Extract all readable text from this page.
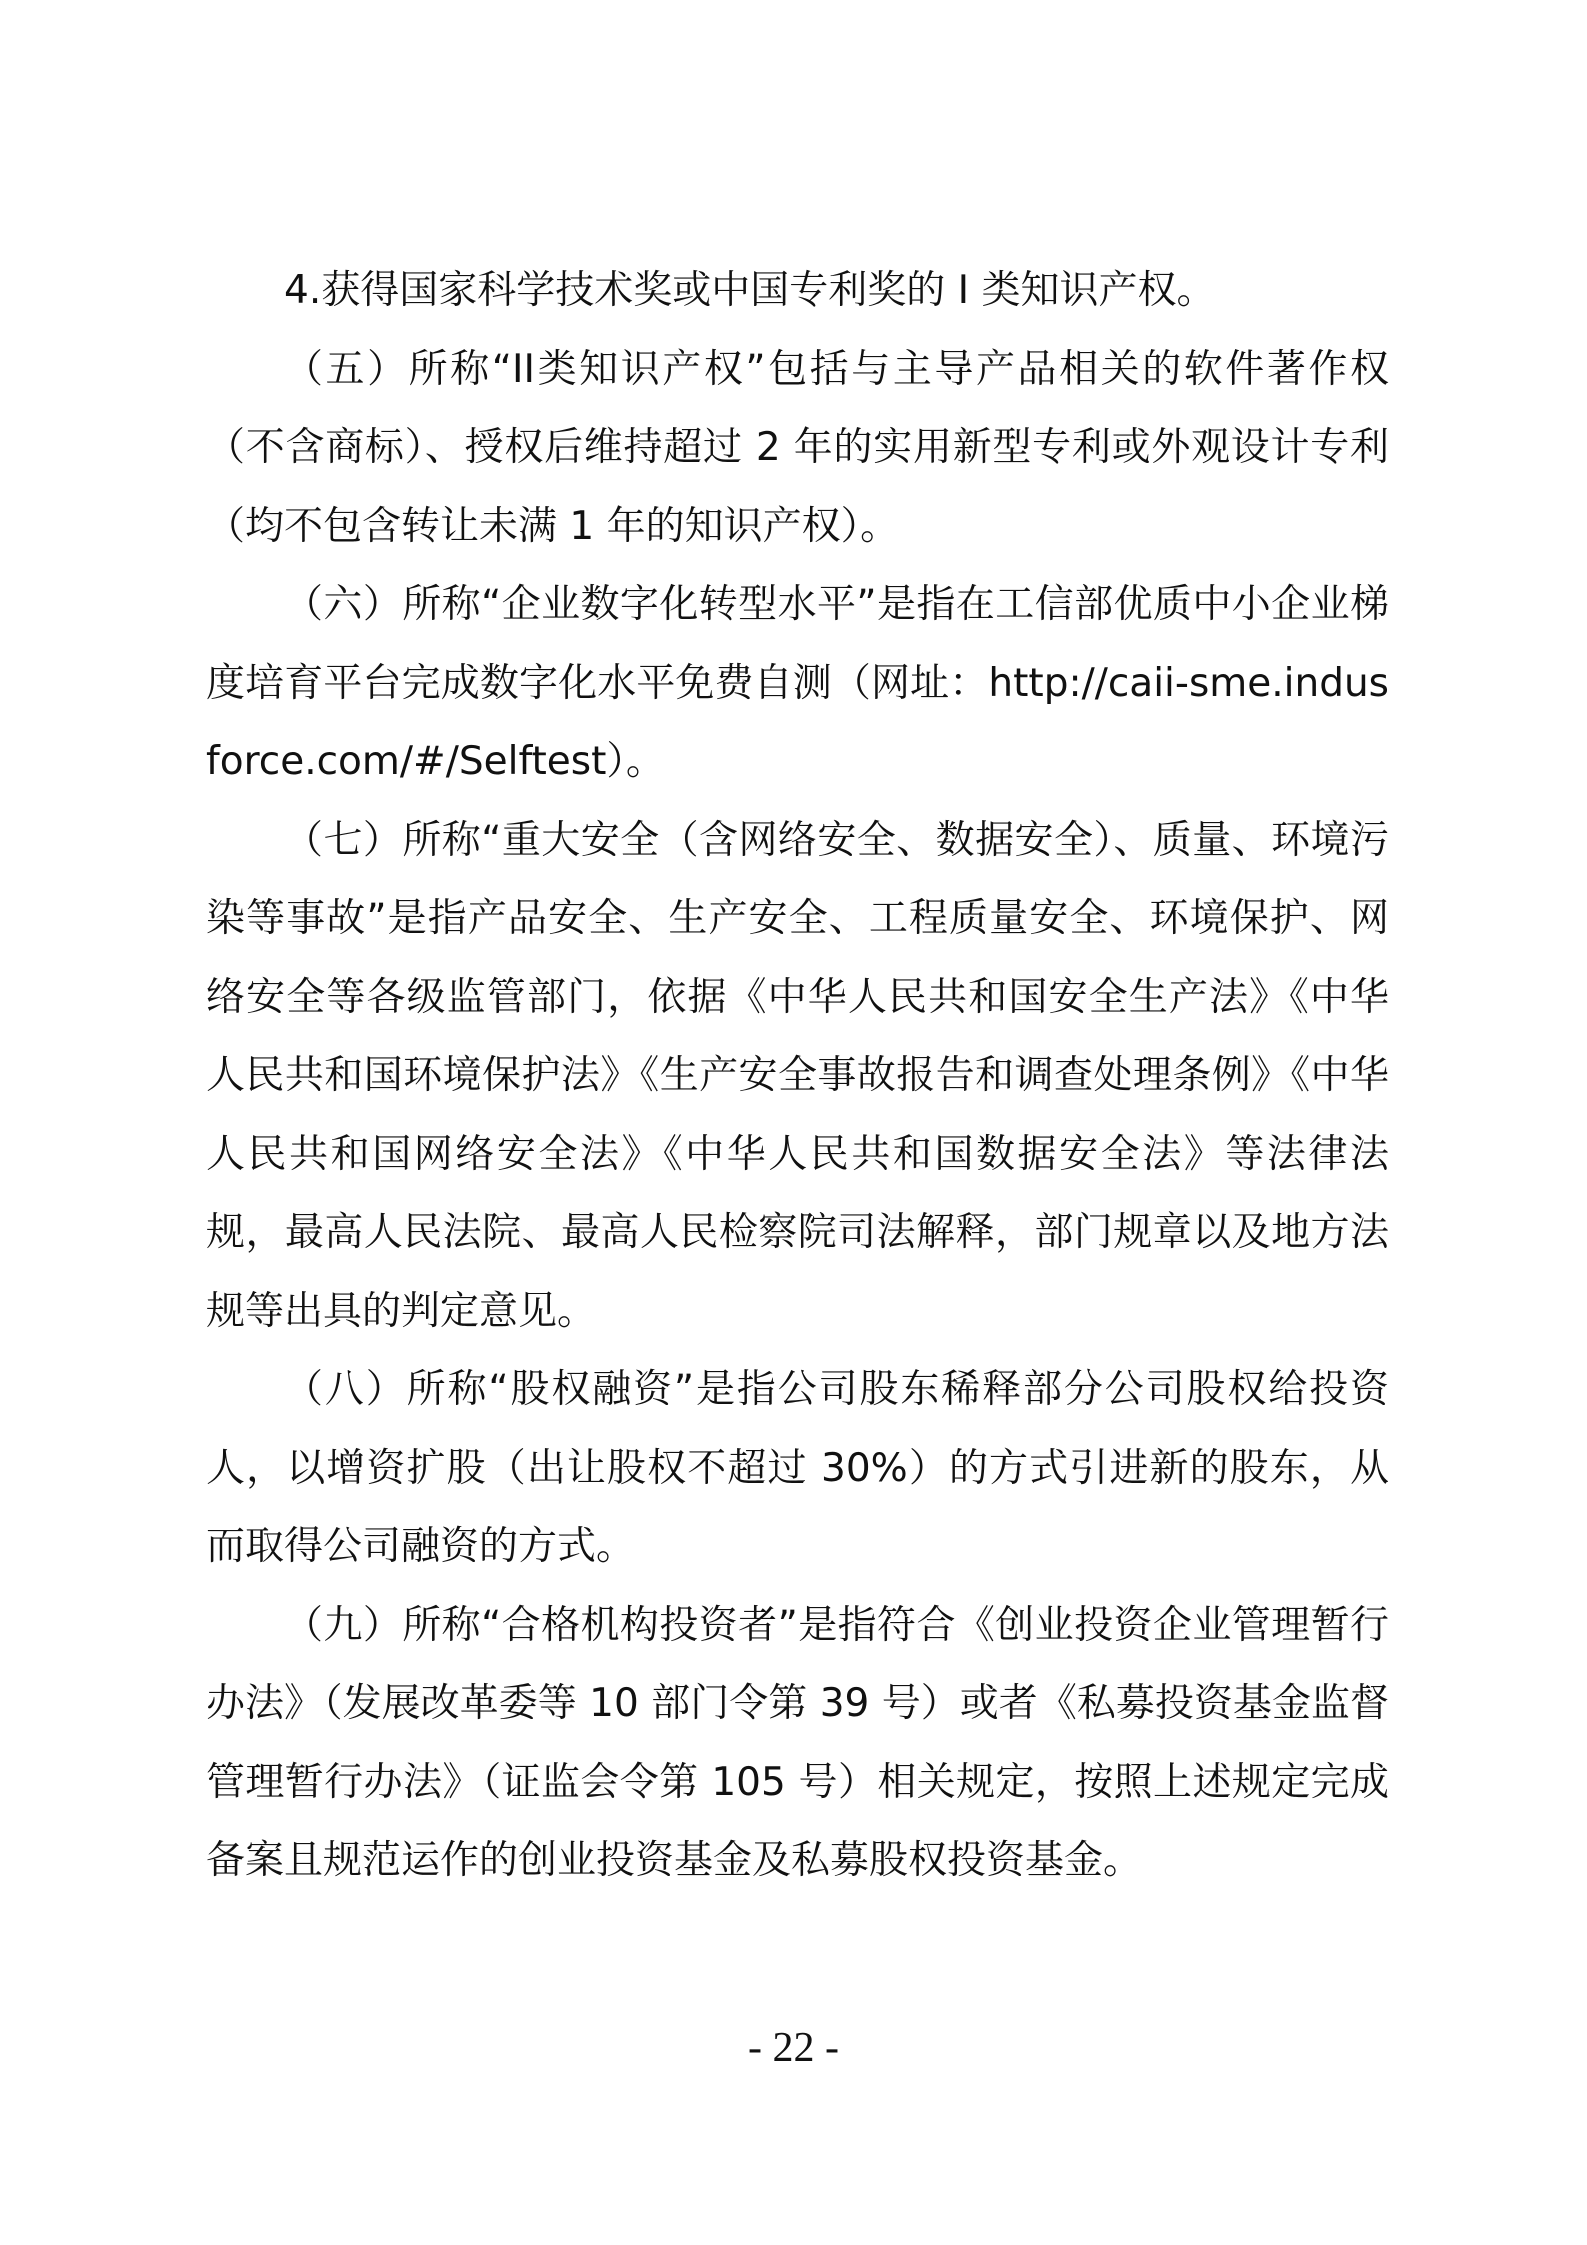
4.获得国家科学技术奖或中国专利奖的 I 类知识产权。

（五）所称“II类知识产权”包括与主导产品相关的软件著作权（不含商标）、授权后维持超过 2 年的实用新型专利或外观设计专利（均不包含转让未满 1 年的知识产权）。

（六）所称“企业数字化转型水平”是指在工信部优质中小企业梯度培育平台完成数字化水平免费自测（网址：http://caii-sme.indusforce.com/#/Selftest）。

（七）所称“重大安全（含网络安全、数据安全）、质量、环境污染等事故”是指产品安全、生产安全、工程质量安全、环境保护、网络安全等各级监管部门，依据《中华人民共和国安全生产法》《中华人民共和国环境保护法》《生产安全事故报告和调查处理条例》《中华人民共和国网络安全法》《中华人民共和国数据安全法》等法律法规，最高人民法院、最高人民检察院司法解释，部门规章以及地方法规等出具的判定意见。

（八）所称“股权融资”是指公司股东稀释部分公司股权给投资人，以增资扩股（出让股权不超过 30%）的方式引进新的股东，从而取得公司融资的方式。

（九）所称“合格机构投资者”是指符合《创业投资企业管理暂行办法》（发展改革委等 10 部门令第 39 号）或者《私募投资基金监督管理暂行办法》（证监会令第 105 号）相关规定，按照上述规定完成备案且规范运作的创业投资基金及私募股权投资基金。

- 22 -
